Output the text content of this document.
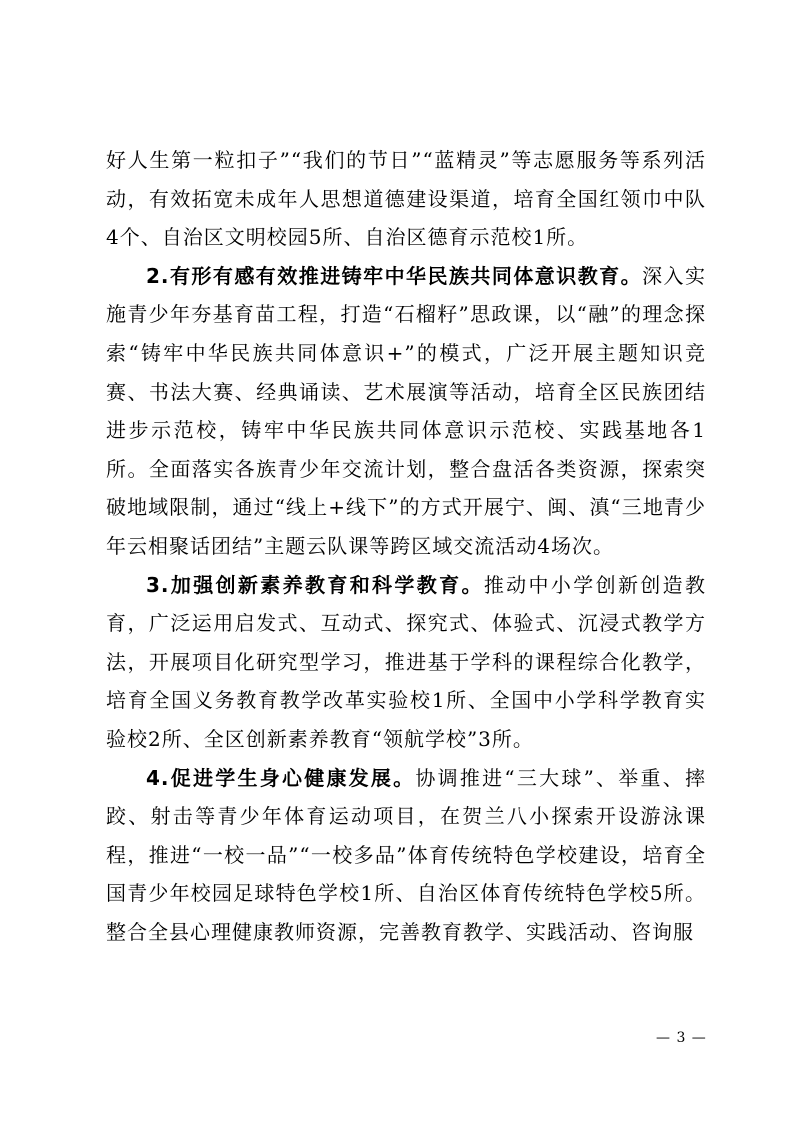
好人生第一粒扣子”“我们的节日”“蓝精灵”等志愿服务等系列活动，有效拓宽未成年人思想道德建设渠道，培育全国红领巾中队4个、自治区文明校园5所、自治区德育示范校1所。

2.有形有感有效推进铸牢中华民族共同体意识教育。深入实施青少年夯基育苗工程，打造“石榴籽”思政课，以“融”的理念探索“铸牢中华民族共同体意识+”的模式，广泛开展主题知识竞赛、书法大赛、经典诵读、艺术展演等活动，培育全区民族团结进步示范校，铸牢中华民族共同体意识示范校、实践基地各1所。全面落实各族青少年交流计划，整合盘活各类资源，探索突破地域限制，通过“线上+线下”的方式开展宁、闽、滇“三地青少年云相聚话团结”主题云队课等跨区域交流活动4场次。

3.加强创新素养教育和科学教育。推动中小学创新创造教育，广泛运用启发式、互动式、探究式、体验式、沉浸式教学方法，开展项目化研究型学习，推进基于学科的课程综合化教学，培育全国义务教育教学改革实验校1所、全国中小学科学教育实验校2所、全区创新素养教育“领航学校”3所。

4.促进学生身心健康发展。协调推进“三大球”、举重、摔跤、射击等青少年体育运动项目，在贺兰八小探索开设游泳课程，推进“一校一品”“一校多品”体育传统特色学校建设，培育全国青少年校园足球特色学校1所、自治区体育传统特色学校5所。整合全县心理健康教师资源，完善教育教学、实践活动、咨询服

— 3 —
